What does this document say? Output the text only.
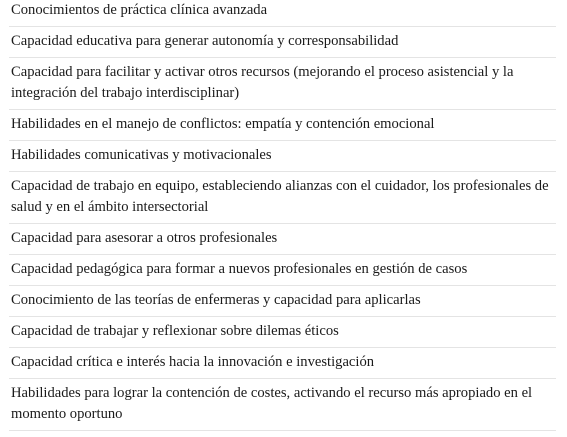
Conocimientos de práctica clínica avanzada
Capacidad educativa para generar autonomía y corresponsabilidad
Capacidad para facilitar y activar otros recursos (mejorando el proceso asistencial y la integración del trabajo interdisciplinar)
Habilidades en el manejo de conflictos: empatía y contención emocional
Habilidades comunicativas y motivacionales
Capacidad de trabajo en equipo, estableciendo alianzas con el cuidador, los profesionales de salud y en el ámbito intersectorial
Capacidad para asesorar a otros profesionales
Capacidad pedagógica para formar a nuevos profesionales en gestión de casos
Conocimiento de las teorías de enfermeras y capacidad para aplicarlas
Capacidad de trabajar y reflexionar sobre dilemas éticos
Capacidad crítica e interés hacia la innovación e investigación
Habilidades para lograr la contención de costes, activando el recurso más apropiado en el momento oportuno
